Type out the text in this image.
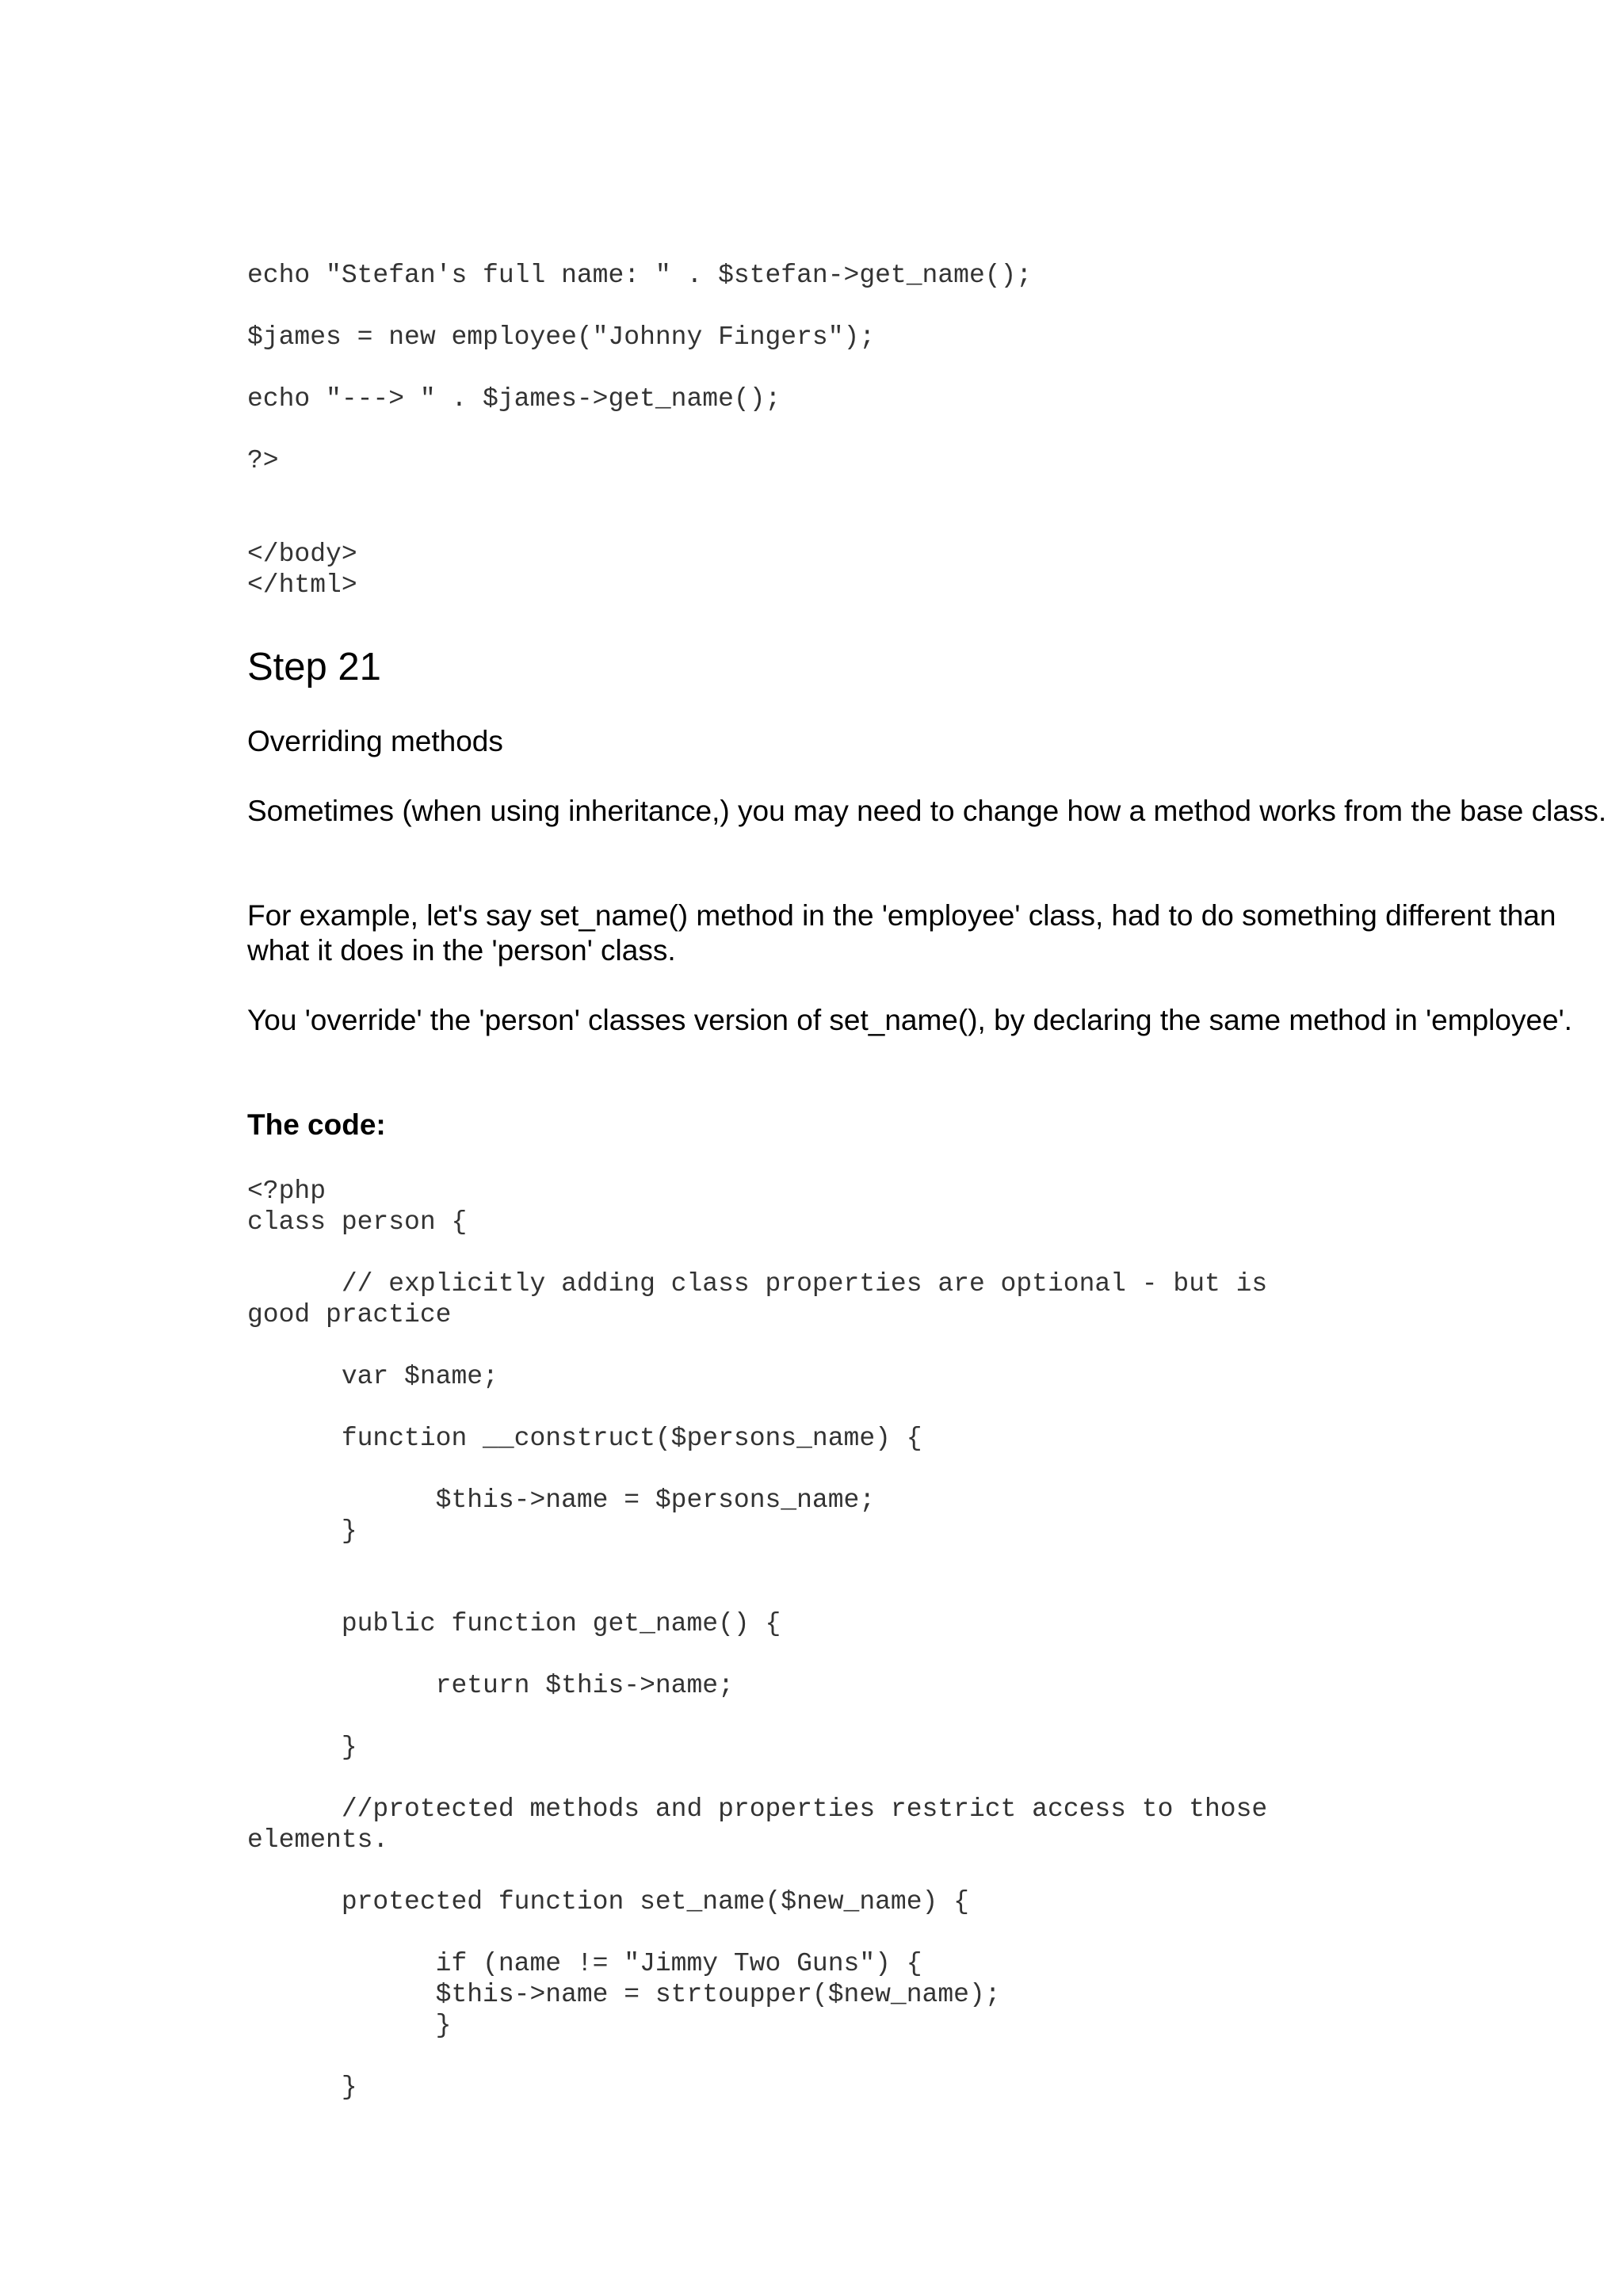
echo "Stefan's full name: " . $stefan->get_name();

$james = new employee("Johnny Fingers");

echo "---> " . $james->get_name();

?>

</body>

</html>

Step 21

Overriding methods

Sometimes (when using inheritance,) you may need to change how a method works from the base class.

For example, let's say set_name() method in the 'employee' class, had to do something different than what it does in the 'person' class.

You 'override' the 'person' classes version of set_name(), by declaring the same method in 'employee'.

The code:

<?php

class person {

// explicitly adding class properties are optional - but is

good practice

var $name;

function __construct($persons_name) {

$this->name = $persons_name;

}

public function get_name() {

return $this->name;

}

//protected methods and properties restrict access to those

elements.

protected function set_name($new_name) {

if (name != "Jimmy Two Guns") {

$this->name = strtoupper($new_name);

}

}
